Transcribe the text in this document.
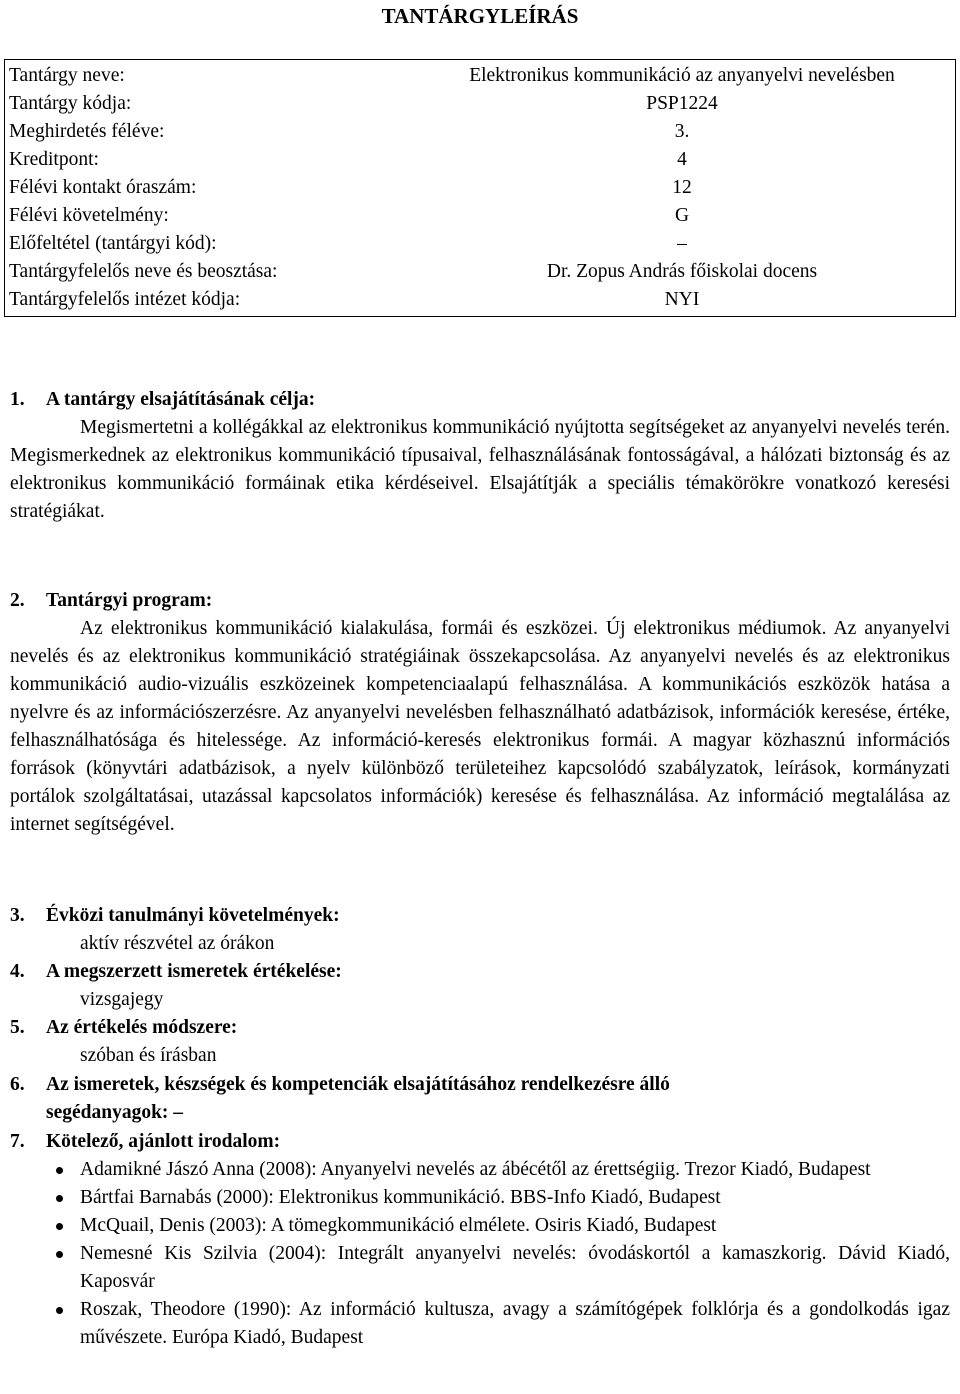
TANTÁRGYLEÍRÁS
Tantárgy neve:	Elektronikus kommunikáció az anyanyelvi nevelésben
Tantárgy kódja:	PSP1224
Meghirdetés féléve:	3.
Kreditpont:	4
Félévi kontakt óraszám:	12
Félévi követelmény:	G
Előfeltétel (tantárgyi kód):	–
Tantárgyfelelős neve és beosztása:	Dr. Zopus András főiskolai docens
Tantárgyfelelős intézet kódja:	NYI
1. A tantárgy elsajátításának célja:
Megismertetni a kollégákkal az elektronikus kommunikáció nyújtotta segítségeket az anyanyelvi nevelés terén. Megismerkednek az elektronikus kommunikáció típusaival, felhasználásának fontosságával, a hálózati biztonság és az elektronikus kommunikáció formáinak etika kérdéseivel. Elsajátítják a speciális témakörökre vonatkozó keresési stratégiákat.
2. Tantárgyi program:
Az elektronikus kommunikáció kialakulása, formái és eszközei. Új elektronikus médiumok. Az anyanyelvi nevelés és az elektronikus kommunikáció stratégiáinak összekapcsolása. Az anyanyelvi nevelés és az elektronikus kommunikáció audio-vizuális eszközeinek kompetenciaalapú felhasználása. A kommunikációs eszközök hatása a nyelvre és az információszerzésre. Az anyanyelvi nevelésben felhasználható adatbázisok, információk keresése, értéke, felhasználhatósága és hitelessége. Az információ-keresés elektronikus formái. A magyar közhasznú információs források (könyvtári adatbázisok, a nyelv különböző területeihez kapcsolódó szabályzatok, leírások, kormányzati portálok szolgáltatásai, utazással kapcsolatos információk) keresése és felhasználása. Az információ megtalálása az internet segítségével.
3. Évközi tanulmányi követelmények:
aktív részvétel az órákon
4. A megszerzett ismeretek értékelése:
vizsgajegy
5. Az értékelés módszere:
szóban és írásban
6. Az ismeretek, készségek és kompetenciák elsajátításához rendelkezésre álló
segédanyagok: –
7. Kötelező, ajánlott irodalom:
Adamikné Jászó Anna (2008): Anyanyelvi nevelés az ábécétől az érettségiig. Trezor Kiadó, Budapest
Bártfai Barnabás (2000): Elektronikus kommunikáció. BBS-Info Kiadó, Budapest
McQuail, Denis (2003): A tömegkommunikáció elmélete. Osiris Kiadó, Budapest
Nemesné Kis Szilvia (2004): Integrált anyanyelvi nevelés: óvodáskortól a kamaszkorig. Dávid Kiadó, Kaposvár
Roszak, Theodore (1990): Az információ kultusza, avagy a számítógépek folklórja és a gondolkodás igaz művészete. Európa Kiadó, Budapest
